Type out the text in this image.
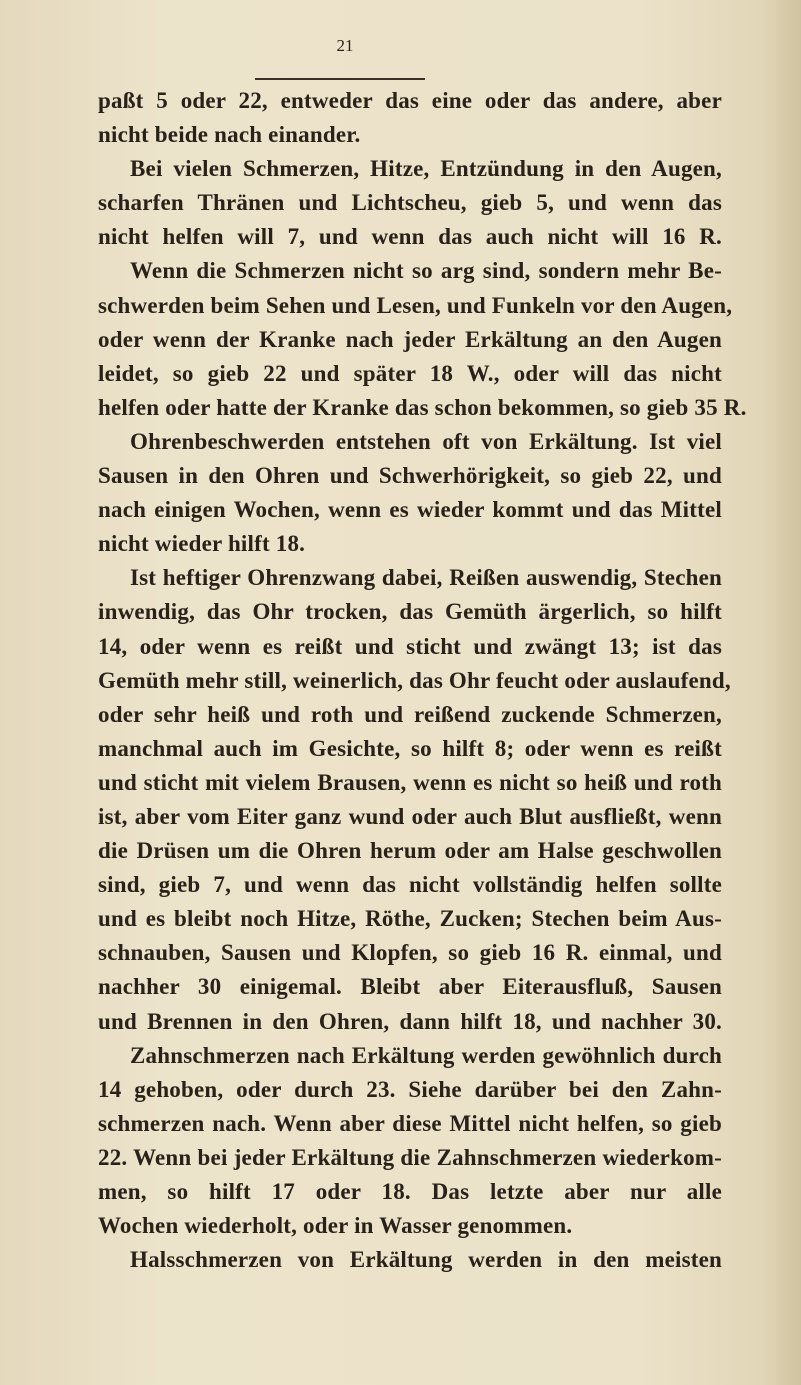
21
paßt 5 oder 22, entweder das eine oder das andere, aber
nicht beide nach einander.
Bei vielen Schmerzen, Hitze, Entzündung in den Augen,
scharfen Thränen und Lichtscheu, gieb 5, und wenn das
nicht helfen will 7, und wenn das auch nicht will 16 R.
Wenn die Schmerzen nicht so arg sind, sondern mehr Be-
schwerden beim Sehen und Lesen, und Funkeln vor den Augen,
oder wenn der Kranke nach jeder Erkältung an den Augen
leidet, so gieb 22 und später 18 W., oder will das nicht
helfen oder hatte der Kranke das schon bekommen, so gieb 35 R.
Ohrenbeschwerden entstehen oft von Erkältung. Ist viel
Sausen in den Ohren und Schwerhörigkeit, so gieb 22, und
nach einigen Wochen, wenn es wieder kommt und das Mittel
nicht wieder hilft 18.
Ist heftiger Ohrenzwang dabei, Reißen auswendig, Stechen
inwendig, das Ohr trocken, das Gemüth ärgerlich, so hilft
14, oder wenn es reißt und sticht und zwängt 13; ist das
Gemüth mehr still, weinerlich, das Ohr feucht oder auslaufend,
oder sehr heiß und roth und reißend zuckende Schmerzen,
manchmal auch im Gesichte, so hilft 8; oder wenn es reißt
und sticht mit vielem Brausen, wenn es nicht so heiß und roth
ist, aber vom Eiter ganz wund oder auch Blut ausfließt, wenn
die Drüsen um die Ohren herum oder am Halse geschwollen
sind, gieb 7, und wenn das nicht vollständig helfen sollte
und es bleibt noch Hitze, Röthe, Zucken; Stechen beim Aus-
schnauben, Sausen und Klopfen, so gieb 16 R. einmal, und
nachher 30 einigemal. Bleibt aber Eiterausfluß, Sausen
und Brennen in den Ohren, dann hilft 18, und nachher 30.
Zahnschmerzen nach Erkältung werden gewöhnlich durch
14 gehoben, oder durch 23. Siehe darüber bei den Zahn-
schmerzen nach. Wenn aber diese Mittel nicht helfen, so gieb
22. Wenn bei jeder Erkältung die Zahnschmerzen wiederkom-
men, so hilft 17 oder 18. Das letzte aber nur alle
Wochen wiederholt, oder in Wasser genommen.
Halsschmerzen von Erkältung werden in den meisten
